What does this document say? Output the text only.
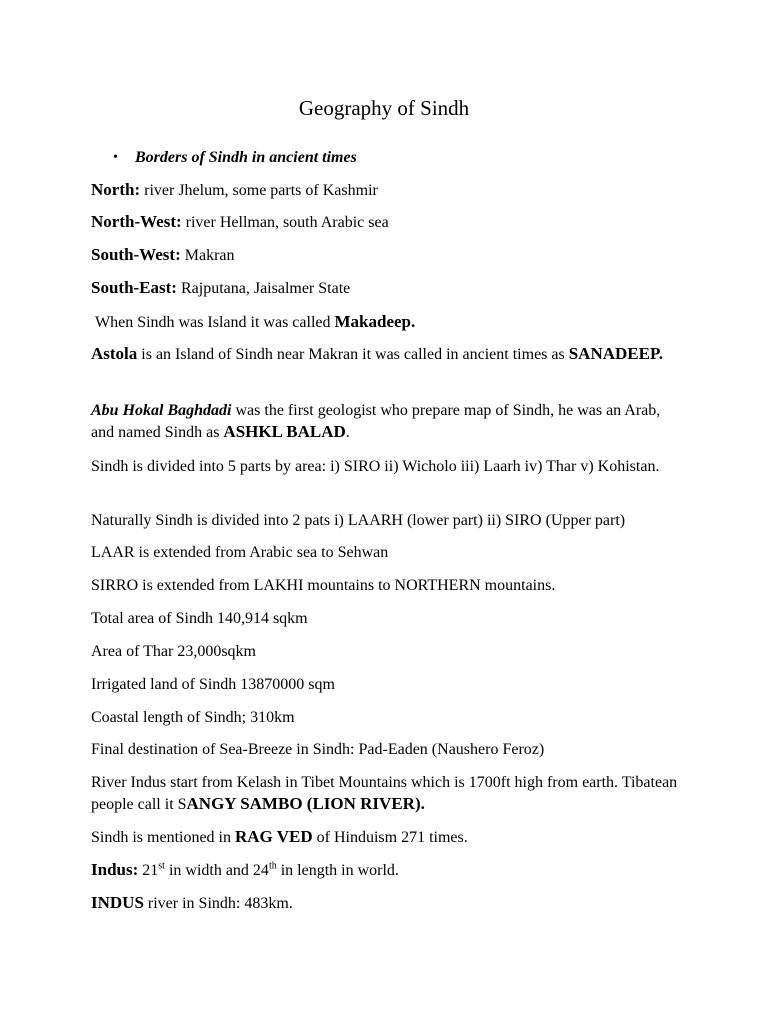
Geography of Sindh
• Borders of Sindh in ancient times

North: river Jhelum, some parts of Kashmir

North-West: river Hellman, south Arabic sea

South-West: Makran

South-East: Rajputana, Jaisalmer State

When Sindh was Island it was called Makadeep.

Astola is an Island of Sindh near Makran it was called in ancient times as SANADEEP.

Abu Hokal Baghdadi was the first geologist who prepare map of Sindh, he was an Arab, and named Sindh as ASHKL BALAD.

Sindh is divided into 5 parts by area: i) SIRO ii) Wicholo iii) Laarh iv) Thar v) Kohistan.

Naturally Sindh is divided into 2 pats i) LAARH (lower part) ii) SIRO (Upper part)

LAAR is extended from Arabic sea to Sehwan

SIRRO is extended from LAKHI mountains to NORTHERN mountains.

Total area of Sindh 140,914 sqkm

Area of Thar 23,000sqkm

Irrigated land of Sindh 13870000 sqm

Coastal length of Sindh; 310km

Final destination of Sea-Breeze in Sindh: Pad-Eaden (Naushero Feroz)

River Indus start from Kelash in Tibet Mountains which is 1700ft high from earth. Tibatean people call it SANGY SAMBO (LION RIVER).

Sindh is mentioned in RAG VED of Hinduism 271 times.

Indus: 21st in width and 24th in length in world.

INDUS river in Sindh: 483km.
